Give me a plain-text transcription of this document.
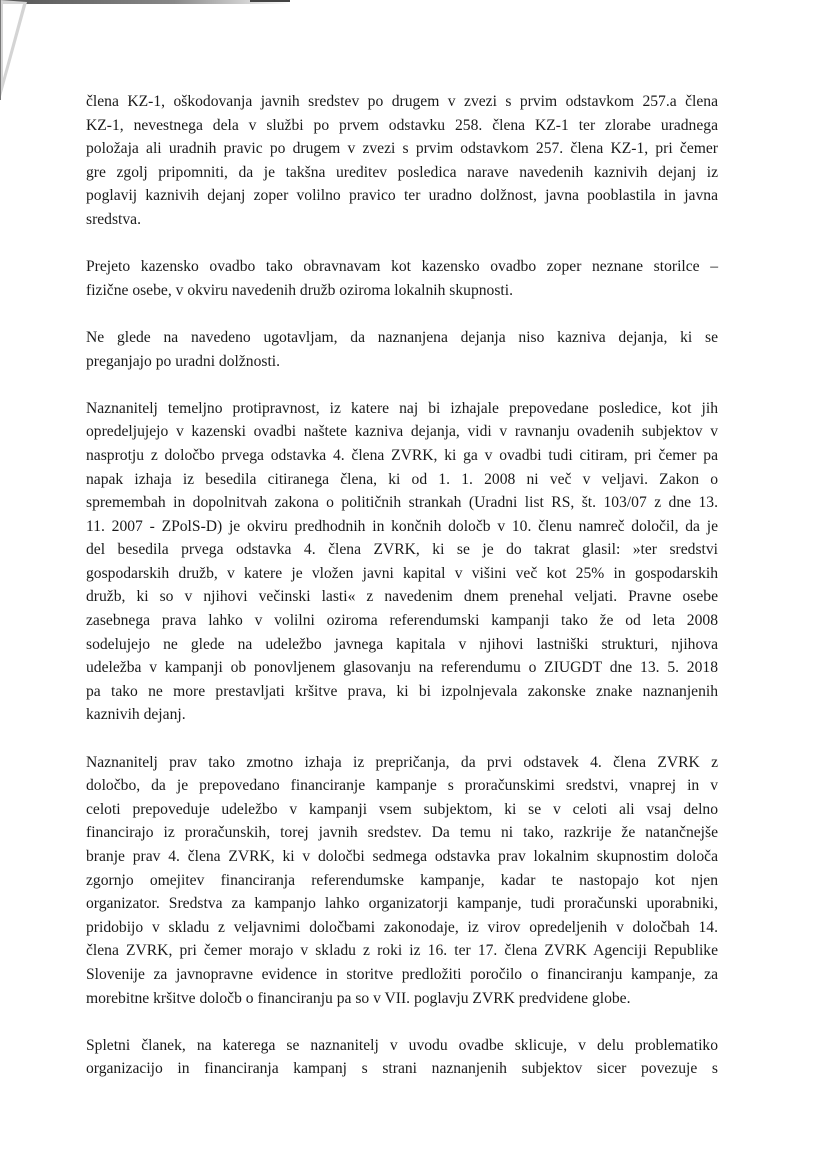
člena KZ-1, oškodovanja javnih sredstev po drugem v zvezi s prvim odstavkom 257.a člena
KZ-1, nevestnega dela v službi po prvem odstavku 258. člena KZ-1 ter zlorabe uradnega
položaja ali uradnih pravic po drugem v zvezi s prvim odstavkom 257. člena KZ-1, pri čemer
gre zgolj pripomniti, da je takšna ureditev posledica narave navedenih kaznivih dejanj iz
poglavij kaznivih dejanj zoper volilno pravico ter uradno dolžnost, javna pooblastila in javna
sredstva.
Prejeto kazensko ovadbo tako obravnavam kot kazensko ovadbo zoper neznane storilce –
fizične osebe, v okviru navedenih družb oziroma lokalnih skupnosti.
Ne glede na navedeno ugotavljam, da naznanjena dejanja niso kazniva dejanja, ki se
preganjajo po uradni dolžnosti.
Naznanitelj temeljno protipravnost, iz katere naj bi izhajale prepovedane posledice, kot jih
opredeljujejo v kazenski ovadbi naštete kazniva dejanja, vidi v ravnanju ovadenih subjektov v
nasprotju z določbo prvega odstavka 4. člena ZVRK, ki ga v ovadbi tudi citiram, pri čemer pa
napak izhaja iz besedila citiranega člena, ki od 1. 1. 2008 ni več v veljavi. Zakon o
spremembah in dopolnitvah zakona o političnih strankah (Uradni list RS, št. 103/07 z dne 13.
11. 2007 - ZPolS-D) je okviru predhodnih in končnih določb v 10. členu namreč določil, da je
del besedila prvega odstavka 4. člena ZVRK, ki se je do takrat glasil: »ter sredstvi
gospodarskih družb, v katere je vložen javni kapital v višini več kot 25% in gospodarskih
družb, ki so v njihovi večinski lasti« z navedenim dnem prenehal veljati. Pravne osebe
zasebnega prava lahko v volilni oziroma referendumski kampanji tako že od leta 2008
sodelujejo ne glede na udeležbo javnega kapitala v njihovi lastniški strukturi, njihova
udeležba v kampanji ob ponovljenem glasovanju na referendumu o ZIUGDT dne 13. 5. 2018
pa tako ne more prestavljati kršitve prava, ki bi izpolnjevala zakonske znake naznanjenih
kaznivih dejanj.
Naznanitelj prav tako zmotno izhaja iz prepričanja, da prvi odstavek 4. člena ZVRK z
določbo, da je prepovedano financiranje kampanje s proračunskimi sredstvi, vnaprej in v
celoti prepoveduje udeležbo v kampanji vsem subjektom, ki se v celoti ali vsaj delno
financirajo iz proračunskih, torej javnih sredstev. Da temu ni tako, razkrije že natančnejše
branje prav 4. člena ZVRK, ki v določbi sedmega odstavka prav lokalnim skupnostim določa
zgornjo omejitev financiranja referendumske kampanje, kadar te nastopajo kot njen
organizator. Sredstva za kampanjo lahko organizatorji kampanje, tudi proračunski uporabniki,
pridobijo v skladu z veljavnimi določbami zakonodaje, iz virov opredeljenih v določbah 14.
člena ZVRK, pri čemer morajo v skladu z roki iz 16. ter 17. člena ZVRK Agenciji Republike
Slovenije za javnopravne evidence in storitve predložiti poročilo o financiranju kampanje, za
morebitne kršitve določb o financiranju pa so v VII. poglavju ZVRK predvidene globe.
Spletni članek, na katerega se naznanitelj v uvodu ovadbe sklicuje, v delu problematiko
organizacijo in financiranja kampanj s strani naznanjenih subjektov sicer povezuje s
